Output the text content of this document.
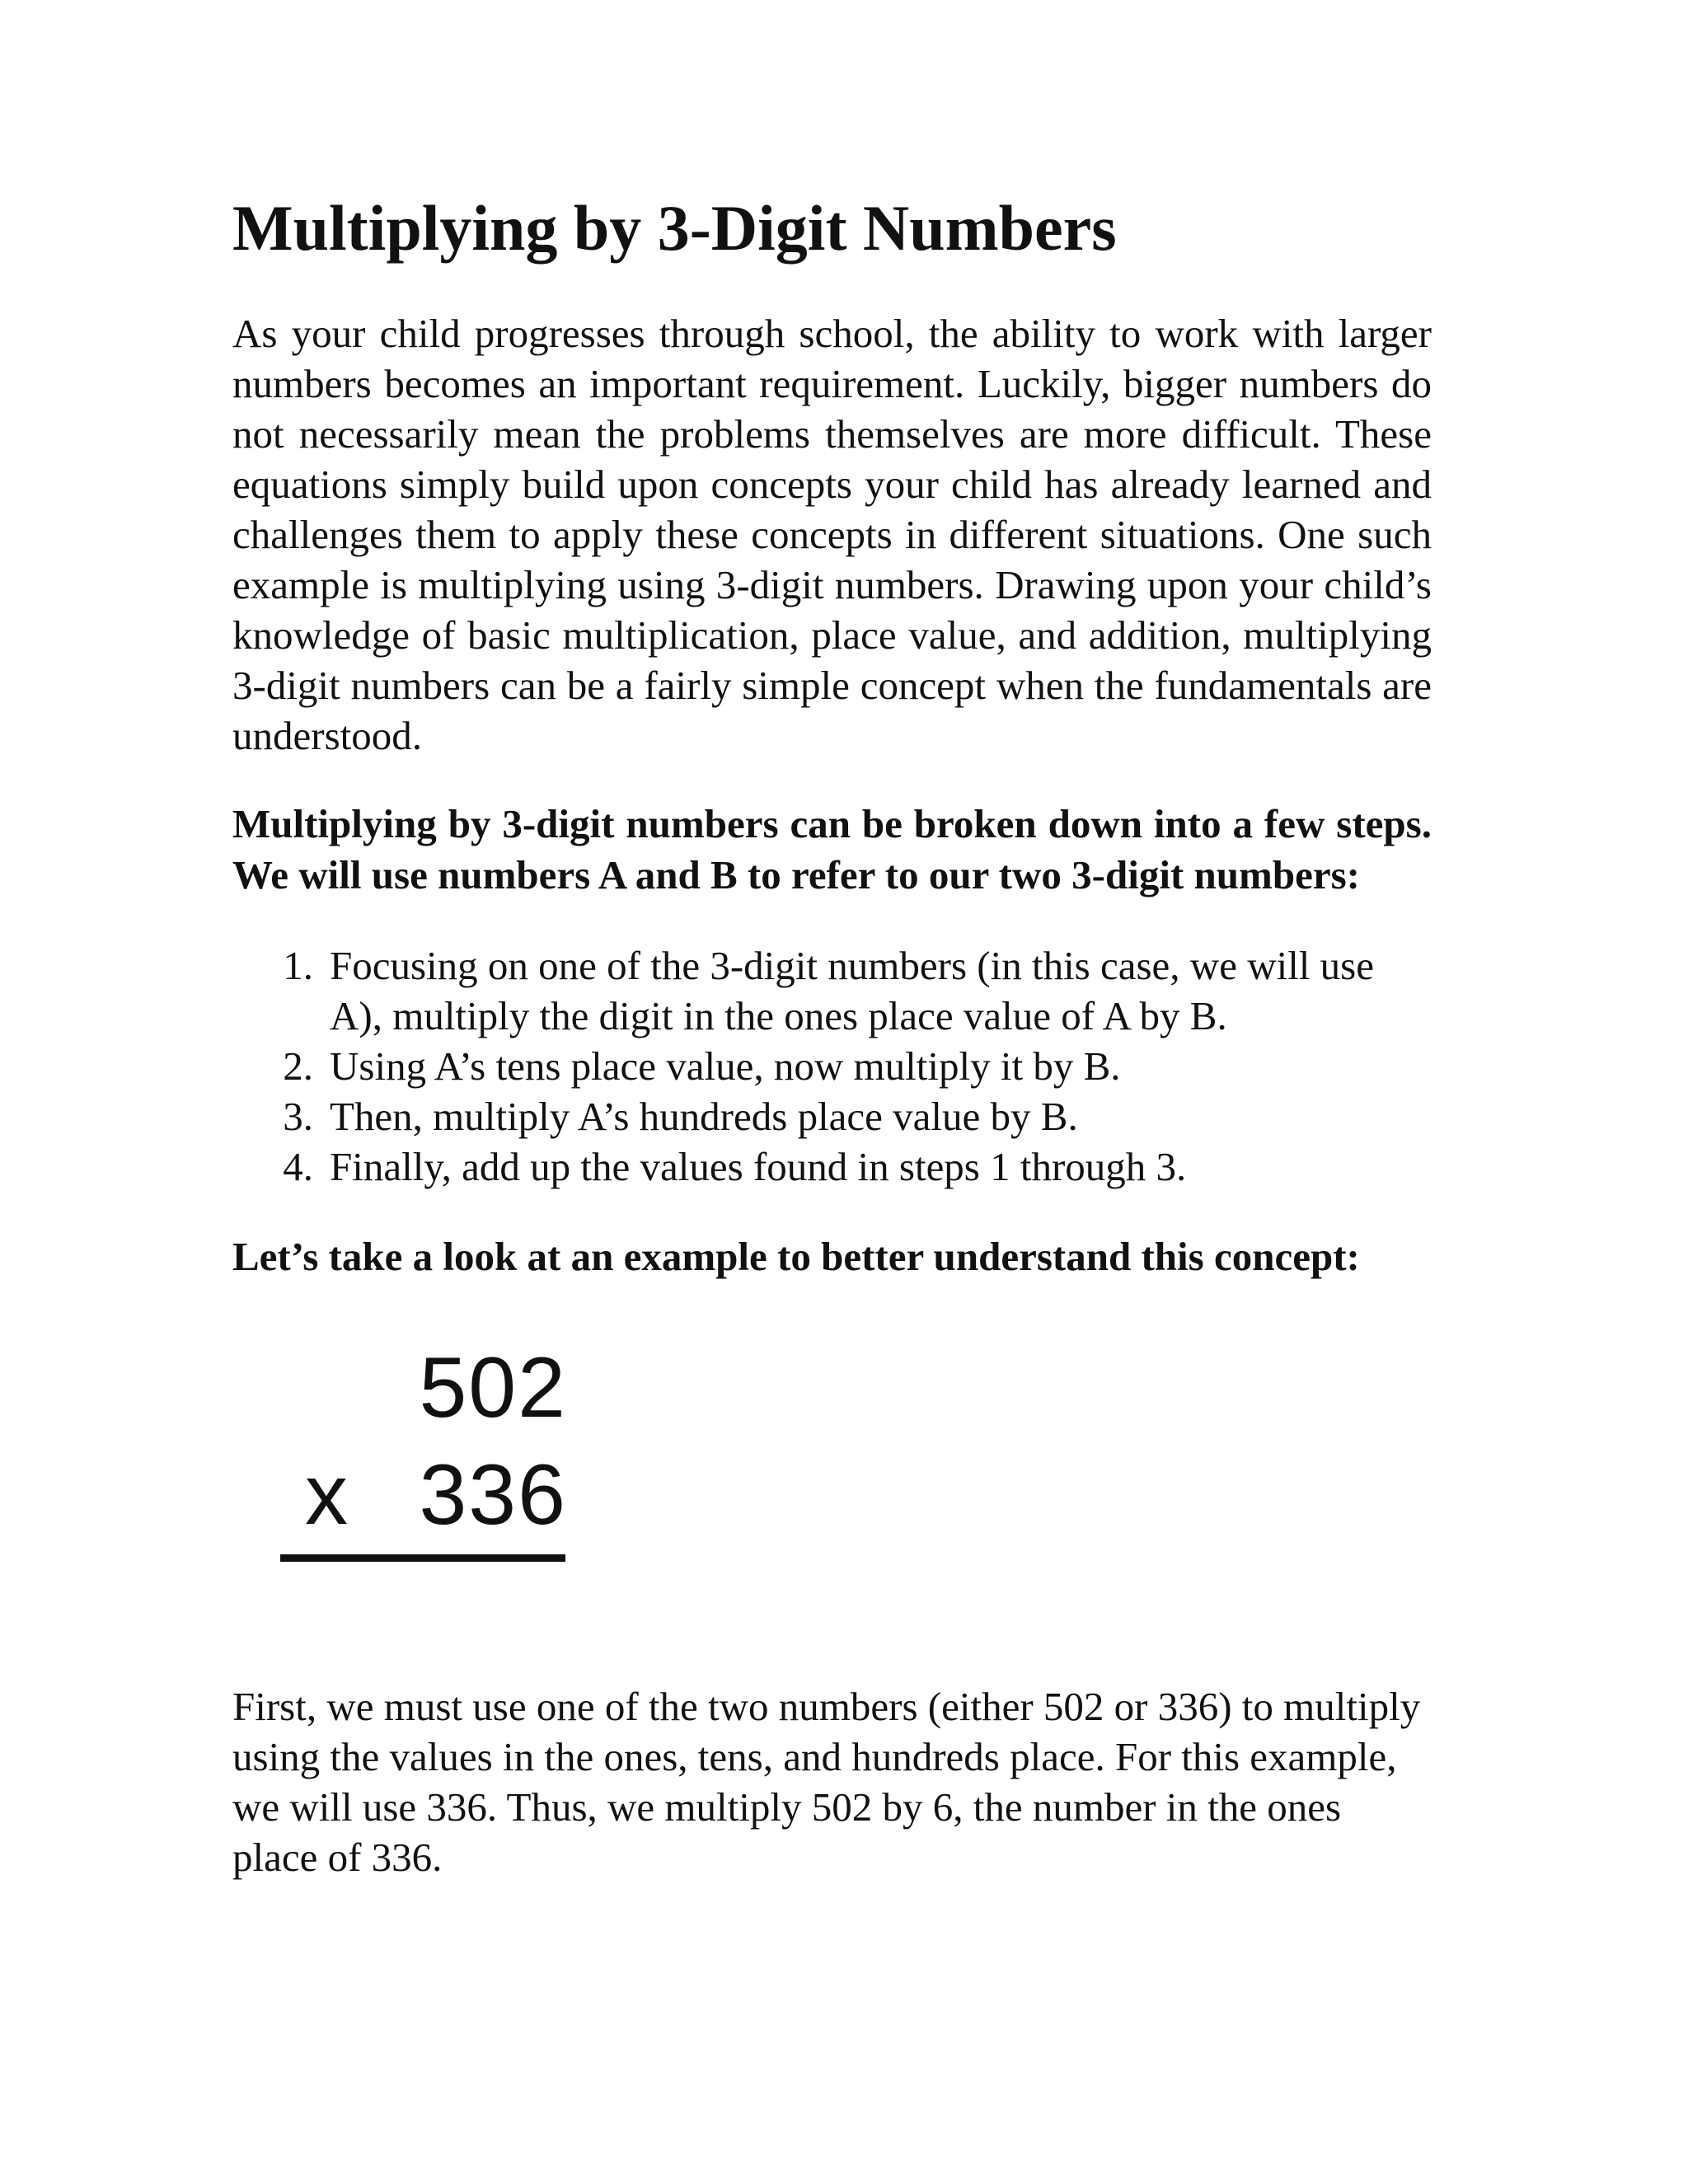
Multiplying by 3-Digit Numbers

As your child progresses through school, the ability to work with larger numbers becomes an important requirement. Luckily, bigger numbers do not necessarily mean the problems themselves are more difficult. These equations simply build upon concepts your child has already learned and challenges them to apply these concepts in different situations. One such example is multiplying using 3-digit numbers. Drawing upon your child’s knowledge of basic multiplication, place value, and addition, multiplying 3-digit numbers can be a fairly simple concept when the fundamentals are understood.

Multiplying by 3-digit numbers can be broken down into a few steps. We will use numbers A and B to refer to our two 3-digit numbers:

1. Focusing on one of the 3-digit numbers (in this case, we will use A), multiply the digit in the ones place value of A by B.
2. Using A’s tens place value, now multiply it by B.
3. Then, multiply A’s hundreds place value by B.
4. Finally, add up the values found in steps 1 through 3.

Let’s take a look at an example to better understand this concept:

502
x 336

First, we must use one of the two numbers (either 502 or 336) to multiply using the values in the ones, tens, and hundreds place. For this example, we will use 336. Thus, we multiply 502 by 6, the number in the ones place of 336.
